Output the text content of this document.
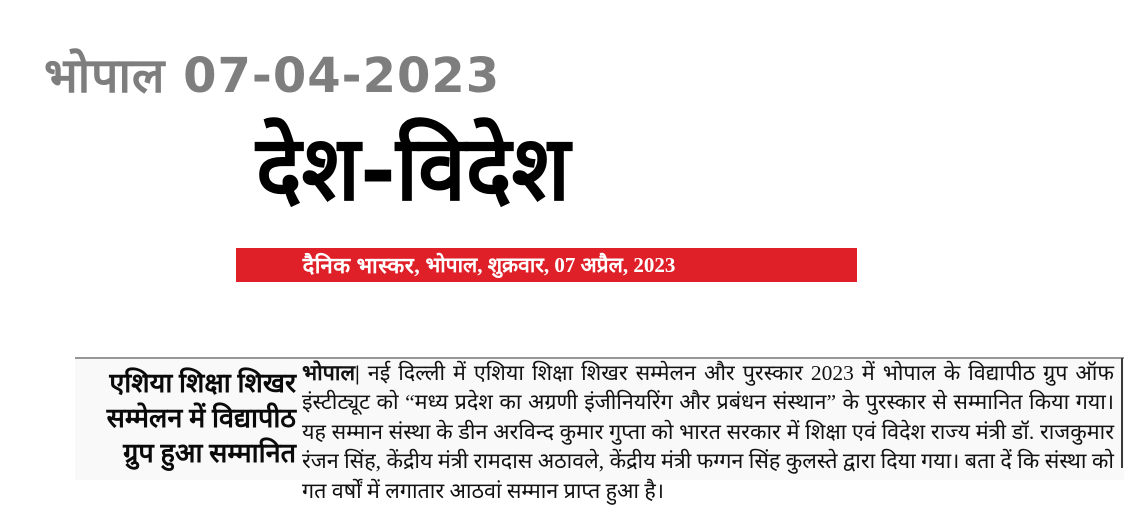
भोपाल 07-04-2023
देश-विदेश
दैनिक भास्कर, भोपाल, शुक्रवार, 07 अप्रैल, 2023
एशिया शिक्षा शिखर
सम्मेलन में विद्यापीठ
ग्रुप हुआ सम्मानित

भोपाल| नई दिल्ली में एशिया शिक्षा शिखर सम्मेलन और पुरस्कार 2023 में भोपाल के विद्यापीठ ग्रुप ऑफ इंस्टीट्यूट को “मध्य प्रदेश का अग्रणी इंजीनियरिंग और प्रबंधन संस्थान” के पुरस्कार से सम्मानित किया गया। यह सम्मान संस्था के डीन अरविन्द कुमार गुप्ता को भारत सरकार में शिक्षा एवं विदेश राज्य मंत्री डॉ. राजकुमार रंजन सिंह, केंद्रीय मंत्री रामदास अठावले, केंद्रीय मंत्री फग्गन सिंह कुलस्ते द्वारा दिया गया। बता दें कि संस्था को गत वर्षों में लगातार आठवां सम्मान प्राप्त हुआ है।
